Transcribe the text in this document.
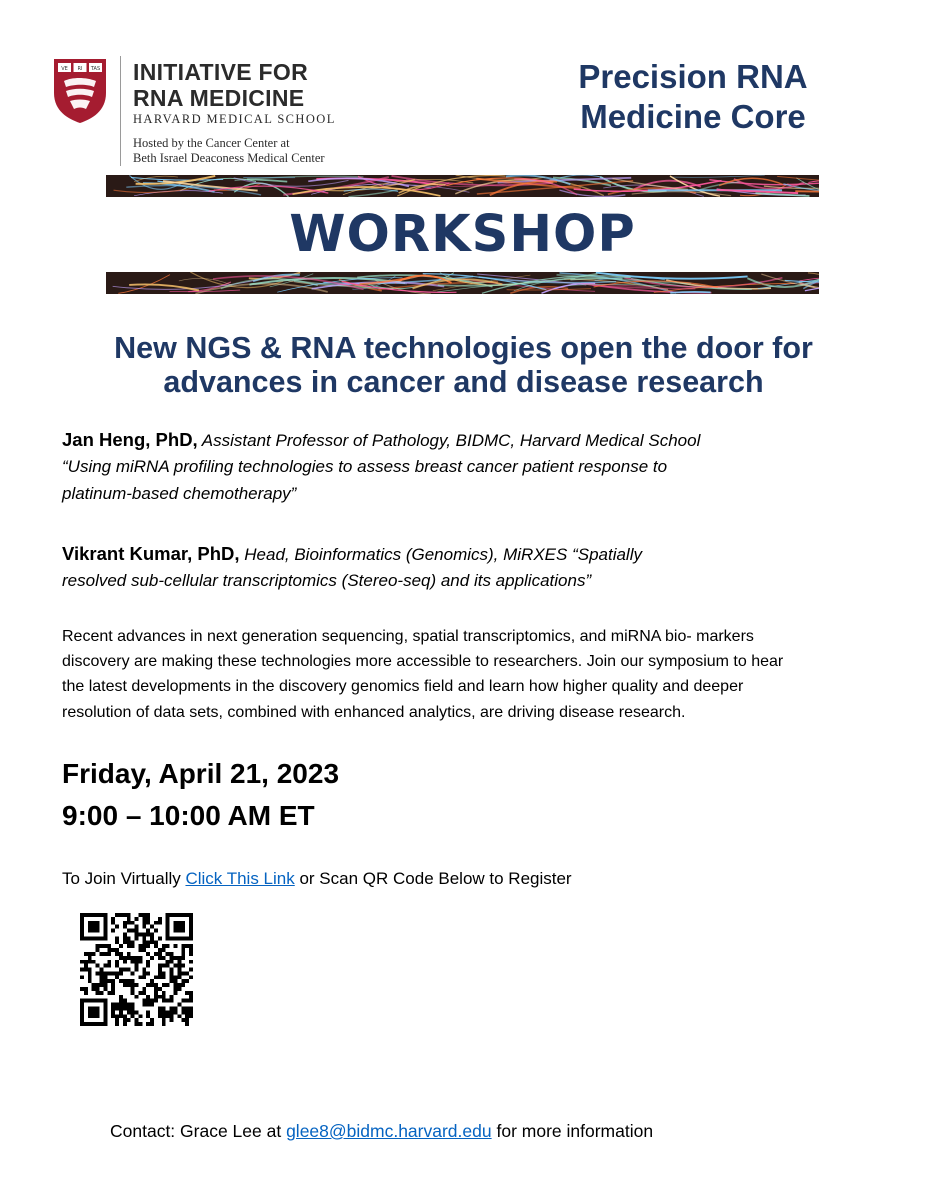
VE RI TAS INITIATIVE FOR
RNA MEDICINE
HARVARD MEDICAL SCHOOL
Hosted by the Cancer Center at
Beth Israel Deaconess Medical Center
Precision RNA
Medicine Core
WORKSHOP
New NGS & RNA technologies open the door for
advances in cancer and disease research
Jan Heng, PhD, Assistant Professor of Pathology, BIDMC, Harvard Medical School
“Using miRNA profiling technologies to assess breast cancer patient response to
platinum-based chemotherapy”
Vikrant Kumar, PhD, Head, Bioinformatics (Genomics), MiRXES “Spatially
resolved sub-cellular transcriptomics (Stereo-seq) and its applications”
Recent advances in next generation sequencing, spatial transcriptomics, and miRNA bio- markers
discovery are making these technologies more accessible to researchers. Join our symposium to hear
the latest developments in the discovery genomics field and learn how higher quality and deeper
resolution of data sets, combined with enhanced analytics, are driving disease research.
Friday, April 21, 2023
9:00 – 10:00 AM ET
To Join Virtually Click This Link or Scan QR Code Below to Register
Contact: Grace Lee at glee8@bidmc.harvard.edu for more information
